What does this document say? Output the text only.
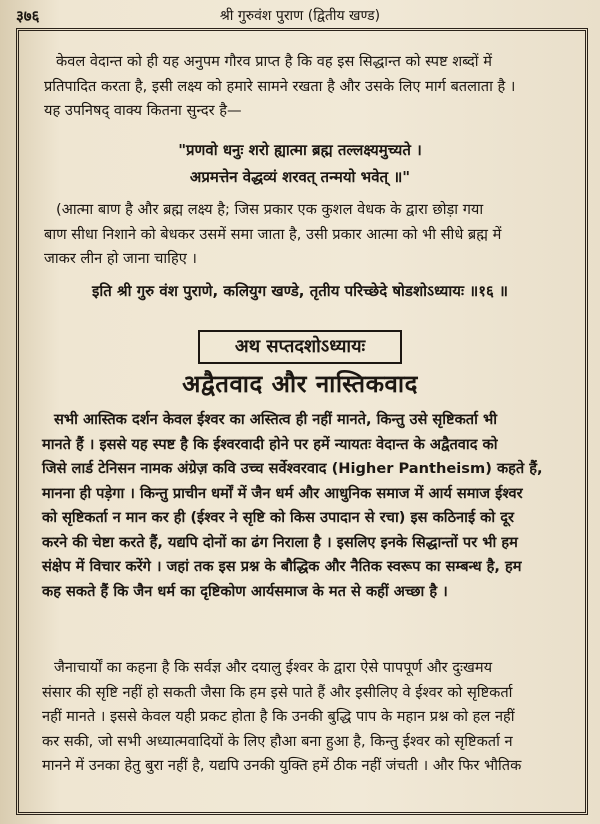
३७६	श्री गुरुवंश पुराण (द्वितीय खण्ड)
केवल वेदान्त को ही यह अनुपम गौरव प्राप्त है कि वह इस सिद्धान्त को स्पष्ट शब्दों में
प्रतिपादित करता है, इसी लक्ष्य को हमारे सामने रखता है और उसके लिए मार्ग बतलाता है ।
यह उपनिषद् वाक्य कितना सुन्दर है—
"प्रणवो धनुः शरो ह्यात्मा ब्रह्म तल्लक्ष्यमुच्यते ।
अप्रमत्तेन वेद्धव्यं शरवत् तन्मयो भवेत् ॥"
(आत्मा बाण है और ब्रह्म लक्ष्य है; जिस प्रकार एक कुशल वेधक के द्वारा छोड़ा गया
बाण सीधा निशाने को बेधकर उसमें समा जाता है, उसी प्रकार आत्मा को भी सीधे ब्रह्म में
जाकर लीन हो जाना चाहिए ।
इति श्री गुरु वंश पुराणे, कलियुग खण्डे, तृतीय परिच्छेदे षोडशोऽध्यायः ॥१६ ॥
अथ सप्तदशोऽध्यायः
अद्वैतवाद और नास्तिकवाद
सभी आस्तिक दर्शन केवल ईश्वर का अस्तित्व ही नहीं मानते, किन्तु उसे सृष्टिकर्ता भी
मानते हैं । इससे यह स्पष्ट है कि ईश्वरवादी होने पर हमें न्यायतः वेदान्त के अद्वैतवाद को
जिसे लार्ड टेनिसन नामक अंग्रेज़ कवि उच्च सर्वेश्वरवाद (Higher Pantheism) कहते हैं,
मानना ही पड़ेगा । किन्तु प्राचीन धर्मों में जैन धर्म और आधुनिक समाज में आर्य समाज ईश्वर
को सृष्टिकर्ता न मान कर ही (ईश्वर ने सृष्टि को किस उपादान से रचा) इस कठिनाई को दूर
करने की चेष्टा करते हैं, यद्यपि दोनों का ढंग निराला है । इसलिए इनके सिद्धान्तों पर भी हम
संक्षेप में विचार करेंगे । जहां तक इस प्रश्न के बौद्धिक और नैतिक स्वरूप का सम्बन्ध है, हम
कह सकते हैं कि जैन धर्म का दृष्टिकोण आर्यसमाज के मत से कहीं अच्छा है ।
जैनाचार्यों का कहना है कि सर्वज्ञ और दयालु ईश्वर के द्वारा ऐसे पापपूर्ण और दुःखमय
संसार की सृष्टि नहीं हो सकती जैसा कि हम इसे पाते हैं और इसीलिए वे ईश्वर को सृष्टिकर्ता
नहीं मानते । इससे केवल यही प्रकट होता है कि उनकी बुद्धि पाप के महान प्रश्न को हल नहीं
कर सकी, जो सभी अध्यात्मवादियों के लिए हौआ बना हुआ है, किन्तु ईश्वर को सृष्टिकर्ता न
मानने में उनका हेतु बुरा नहीं है, यद्यपि उनकी युक्ति हमें ठीक नहीं जंचती । और फिर भौतिक
